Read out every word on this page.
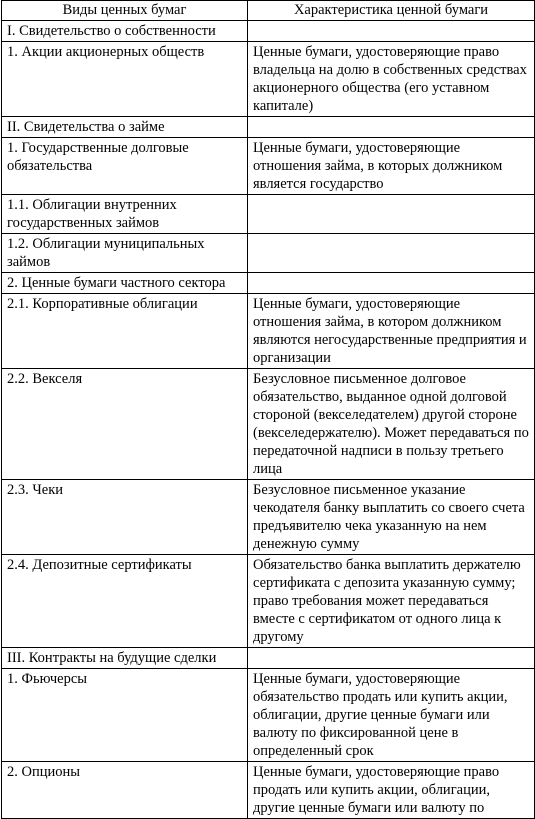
Виды ценных бумаг	Характеристика ценной бумаги
I. Свидетельство о собственности	
1. Акции акционерных обществ	Ценные бумаги, удостоверяющие право владельца на долю в собственных средствах акционерного общества (его уставном капитале)
II. Свидетельства о займе	
1. Государственные долговые обязательства	Ценные бумаги, удостоверяющие отношения займа, в которых должником является государство
1.1. Облигации внутренних государственных займов	
1.2. Облигации муниципальных займов	
2. Ценные бумаги частного сектора	
2.1. Корпоративные облигации	Ценные бумаги, удостоверяющие отношения займа, в котором должником являются негосударственные предприятия и организации
2.2. Векселя	Безусловное письменное долговое обязательство, выданное одной долговой стороной (векселедателем) другой стороне (векселедержателю). Может передаваться по передаточной надписи в пользу третьего лица
2.3. Чеки	Безусловное письменное указание чекодателя банку выплатить со своего счета предъявителю чека указанную на нем денежную сумму
2.4. Депозитные сертификаты	Обязательство банка выплатить держателю сертификата с депозита указанную сумму; право требования может передаваться вместе с сертификатом от одного лица к другому
III. Контракты на будущие сделки	
1. Фьючерсы	Ценные бумаги, удостоверяющие обязательство продать или купить акции, облигации, другие ценные бумаги или валюту по фиксированной цене в определенный срок
2. Опционы	Ценные бумаги, удостоверяющие право продать или купить акции, облигации, другие ценные бумаги или валюту по
